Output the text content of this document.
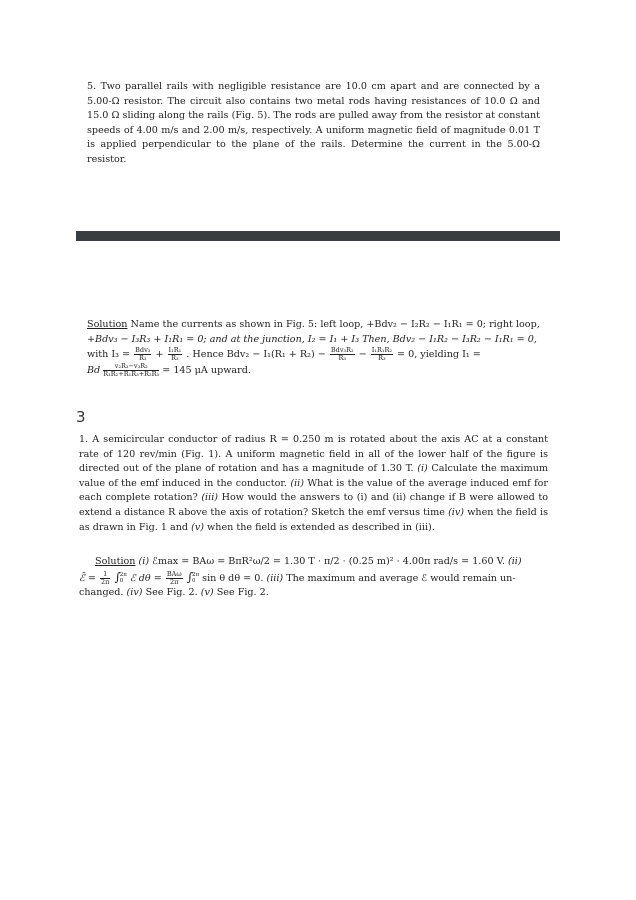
5. Two parallel rails with negligible resistance are 10.0 cm apart and are connected by a 5.00-Ω resistor. The circuit also contains two metal rods having resistances of 10.0 Ω and 15.0 Ω sliding along the rails (Fig. 5). The rods are pulled away from the resistor at constant speeds of 4.00 m/s and 2.00 m/s, respectively. A uniform magnetic field of magnitude 0.01 T is applied perpendicular to the plane of the rails. Determine the current in the 5.00-Ω resistor.
Solution Name the currents as shown in Fig. 5: left loop, +Bdv₂ − I₂R₂ − I₁R₁ = 0; right loop,
+Bdv₃ − I₃R₃ + I₁R₁ = 0; and at the junction, I₂ = I₁ + I₃ Then, Bdv₂ − I₁R₂ − I₃R₂ − I₁R₁ = 0,
with $I_3 = \frac{\text{Bdv₃}}{\text{R₃}} + \frac{\text{I₁R₁}}{\text{R₃}}$ . Hence $Bdv_2 - I_1(R_1 + R_2) - \frac{\text{Bdv₃R₂}}{\text{R₃}} - \frac{\text{I₁R₁R₂}}{\text{R₃}} = 0$, yielding I₁ =
Bd $\frac{\text{v₂R₃−v₃R₂}}{\text{R₁R₂+R₁R₃+R₂R₃}} = 145$ μA upward.
3
1. A semicircular conductor of radius R = 0.250 m is rotated about the axis AC at a constant rate of 120 rev/min (Fig. 1). A uniform magnetic field in all of the lower half of the figure is directed out of the plane of rotation and has a magnitude of 1.30 T. (i) Calculate the maximum value of the emf induced in the conductor. (ii) What is the value of the average induced emf for each complete rotation? (iii) How would the answers to (i) and (ii) change if B were allowed to extend a distance R above the axis of rotation? Sketch the emf versus time (iv) when the field is as drawn in Fig. 1 and (v) when the field is extended as described in (iii).
Solution (i) ℰmax = BAω = BπR²ω/2 = 1.30 T · π/2 · (0.25 m)² · 4.00π rad/s = 1.60 V. (ii)
ℰ̄ = $\frac{1}{2\pi}$ ∫ 2π
0 ℰ $d\theta = \frac{\text{BAω}}{2\pi}$ ∫ 2π
0 sin θ dθ = 0. (iii) The maximum and average ℰ would remain un-
changed. (iv) See Fig. 2. (v) See Fig. 2.
